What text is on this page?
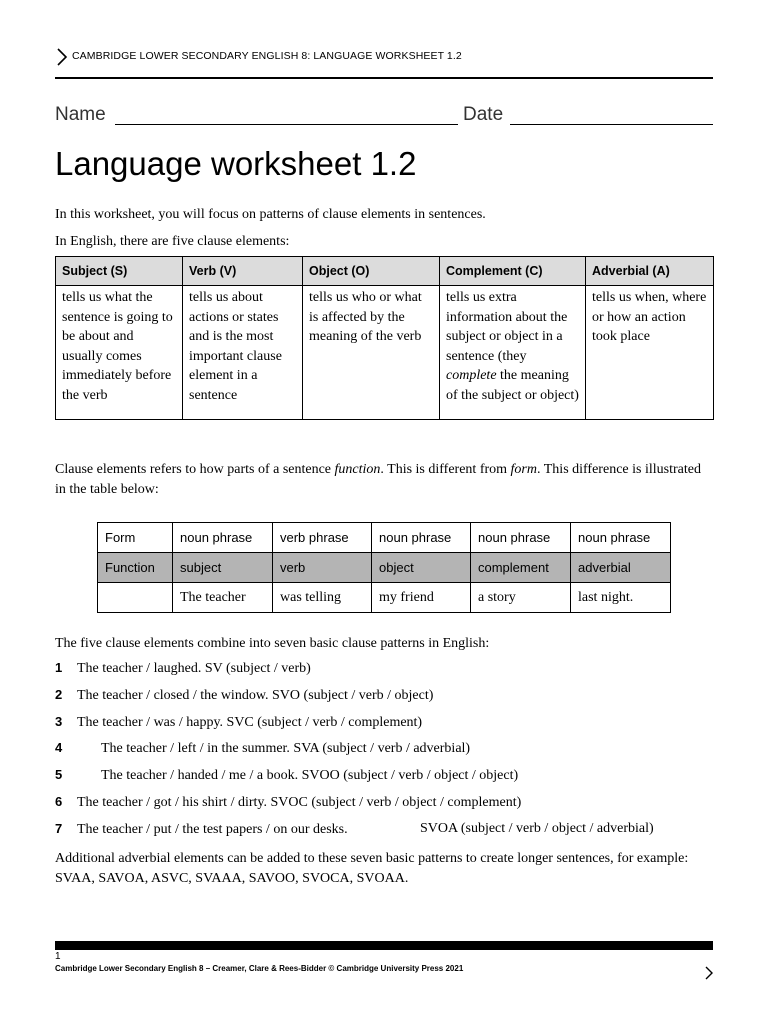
CAMBRIDGE LOWER SECONDARY ENGLISH 8: LANGUAGE WORKSHEET 1.2
Name	Date
Language worksheet 1.2
In this worksheet, you will focus on patterns of clause elements in sentences.
In English, there are five clause elements:
Subject (S)	Verb (V)	Object (O)	Complement (C)	Adverbial (A)
tells us what the sentence is going to be about and usually comes immediately before the verb	tells us about actions or states and is the most important clause element in a sentence	tells us who or what is affected by the meaning of the verb	tells us extra information about the subject or object in a sentence (they complete the meaning of the subject or object)	tells us when, where or how an action took place
Clause elements refers to how parts of a sentence function. This is different from form. This difference is illustrated in the table below:
Form	noun phrase	verb phrase	noun phrase	noun phrase	noun phrase
Function	subject	verb	object	complement	adverbial
	The teacher	was telling	my friend	a story	last night.
The five clause elements combine into seven basic clause patterns in English:
1 The teacher / laughed. SV (subject / verb)
2 The teacher / closed / the window. SVO (subject / verb / object)
3 The teacher / was / happy. SVC (subject / verb / complement)
4	The teacher / left / in the summer. SVA (subject / verb / adverbial)
5	The teacher / handed / me / a book. SVOO (subject / verb / object / object)
6 The teacher / got / his shirt / dirty. SVOC (subject / verb / object / complement)
7 The teacher / put / the test papers / on our desks.	SVOA (subject / verb / object / adverbial)
Additional adverbial elements can be added to these seven basic patterns to create longer sentences, for example: SVAA, SAVOA, ASVC, SVAAA, SAVOO, SVOCA, SVOAA.
1
Cambridge Lower Secondary English 8 – Creamer, Clare & Rees-Bidder © Cambridge University Press 2021
